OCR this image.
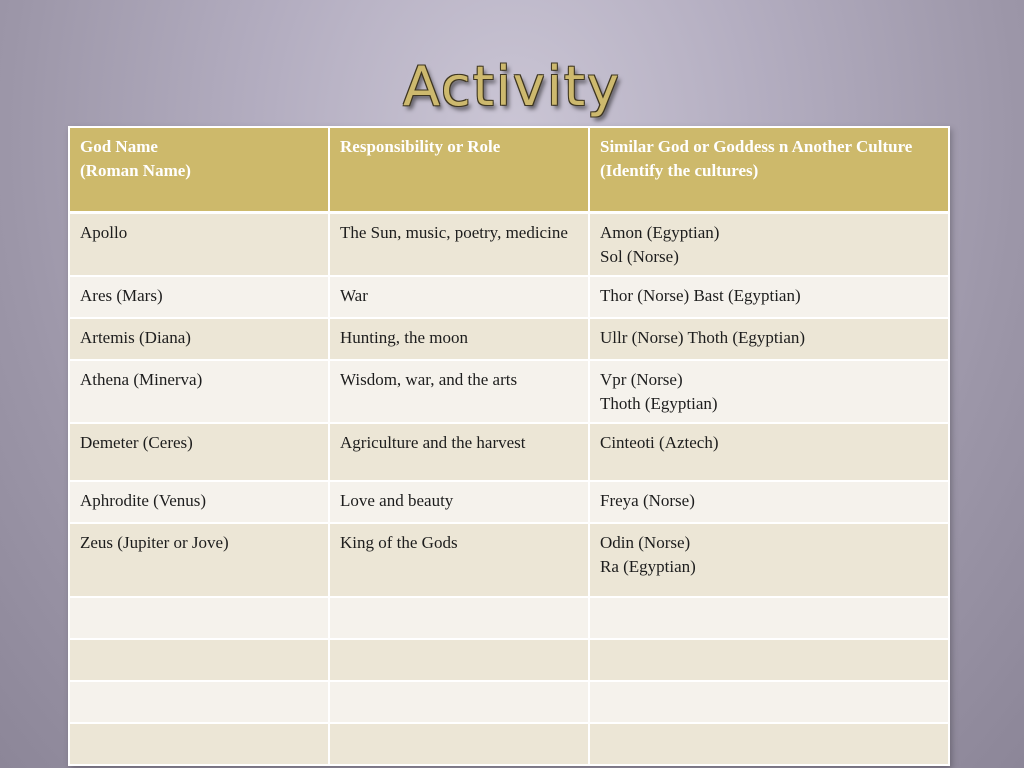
Activity
God Name
(Roman Name)	Responsibility or Role	Similar God or Goddess n Another Culture
(Identify the cultures)
Apollo	The Sun, music, poetry, medicine	Amon (Egyptian)
Sol (Norse)
Ares (Mars)	War	Thor (Norse) Bast (Egyptian)
Artemis (Diana)	Hunting, the moon	Ullr (Norse) Thoth (Egyptian)
Athena (Minerva)	Wisdom, war, and the arts	Vpr (Norse)
Thoth (Egyptian)
Demeter (Ceres)	Agriculture and the harvest	Cinteoti (Aztech)
Aphrodite (Venus)	Love and beauty	Freya (Norse)
Zeus (Jupiter or Jove)	King of the Gods	Odin (Norse)
Ra (Egyptian)
